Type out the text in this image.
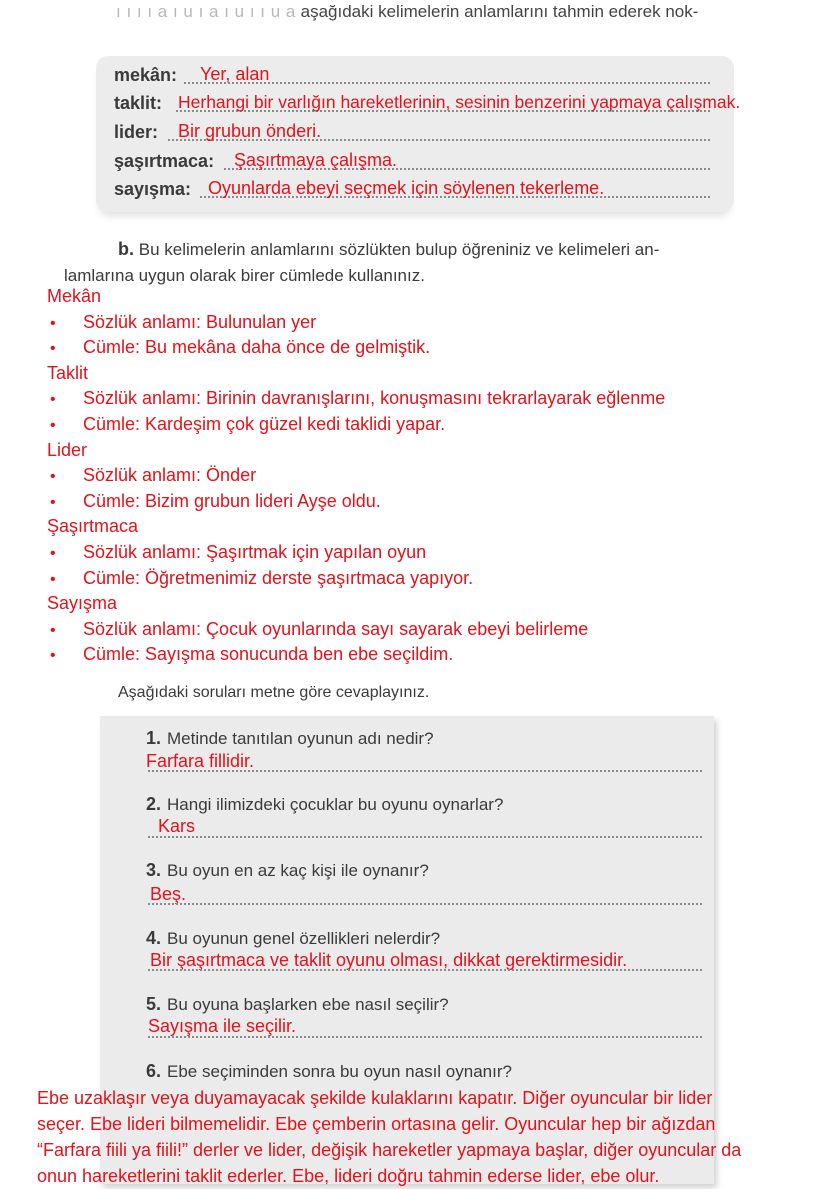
ı ı ı ı a ı u ı a ı u ı ı u a aşağıdaki kelimelerin anlamlarını tahmin ederek nok-
mekân: Yer, alan
taklit: Herhangi bir varlığın hareketlerinin, sesinin benzerini yapmaya çalışmak.
lider: Bir grubun önderi.
şaşırtmaca: Şaşırtmaya çalışma.
sayışma: Oyunlarda ebeyi seçmek için söylenen tekerleme.
b. Bu kelimelerin anlamlarını sözlükten bulup öğreniniz ve kelimeleri an-
lamlarına uygun olarak birer cümlede kullanınız.
Mekân
• Sözlük anlamı: Bulunulan yer
• Cümle: Bu mekâna daha önce de gelmiştik.
Taklit
• Sözlük anlamı: Birinin davranışlarını, konuşmasını tekrarlayarak eğlenme
• Cümle: Kardeşim çok güzel kedi taklidi yapar.
Lider
• Sözlük anlamı: Önder
• Cümle: Bizim grubun lideri Ayşe oldu.
Şaşırtmaca
• Sözlük anlamı: Şaşırtmak için yapılan oyun
• Cümle: Öğretmenimiz derste şaşırtmaca yapıyor.
Sayışma
• Sözlük anlamı: Çocuk oyunlarında sayı sayarak ebeyi belirleme
• Cümle: Sayışma sonucunda ben ebe seçildim.
Aşağıdaki soruları metne göre cevaplayınız.
1. Metinde tanıtılan oyunun adı nedir?
Farfara fillidir.
2. Hangi ilimizdeki çocuklar bu oyunu oynarlar?
Kars
3. Bu oyun en az kaç kişi ile oynanır?
Beş.
4. Bu oyunun genel özellikleri nelerdir?
Bir şaşırtmaca ve taklit oyunu olması, dikkat gerektirmesidir.
5. Bu oyuna başlarken ebe nasıl seçilir?
Sayışma ile seçilir.
6. Ebe seçiminden sonra bu oyun nasıl oynanır?
Ebe uzaklaşır veya duyamayacak şekilde kulaklarını kapatır. Diğer oyuncular bir lider
seçer. Ebe lideri bilmemelidir. Ebe çemberin ortasına gelir. Oyuncular hep bir ağızdan
“Farfara fiili ya fiili!” derler ve lider, değişik hareketler yapmaya başlar, diğer oyuncular da
onun hareketlerini taklit ederler. Ebe, lideri doğru tahmin ederse lider, ebe olur.
